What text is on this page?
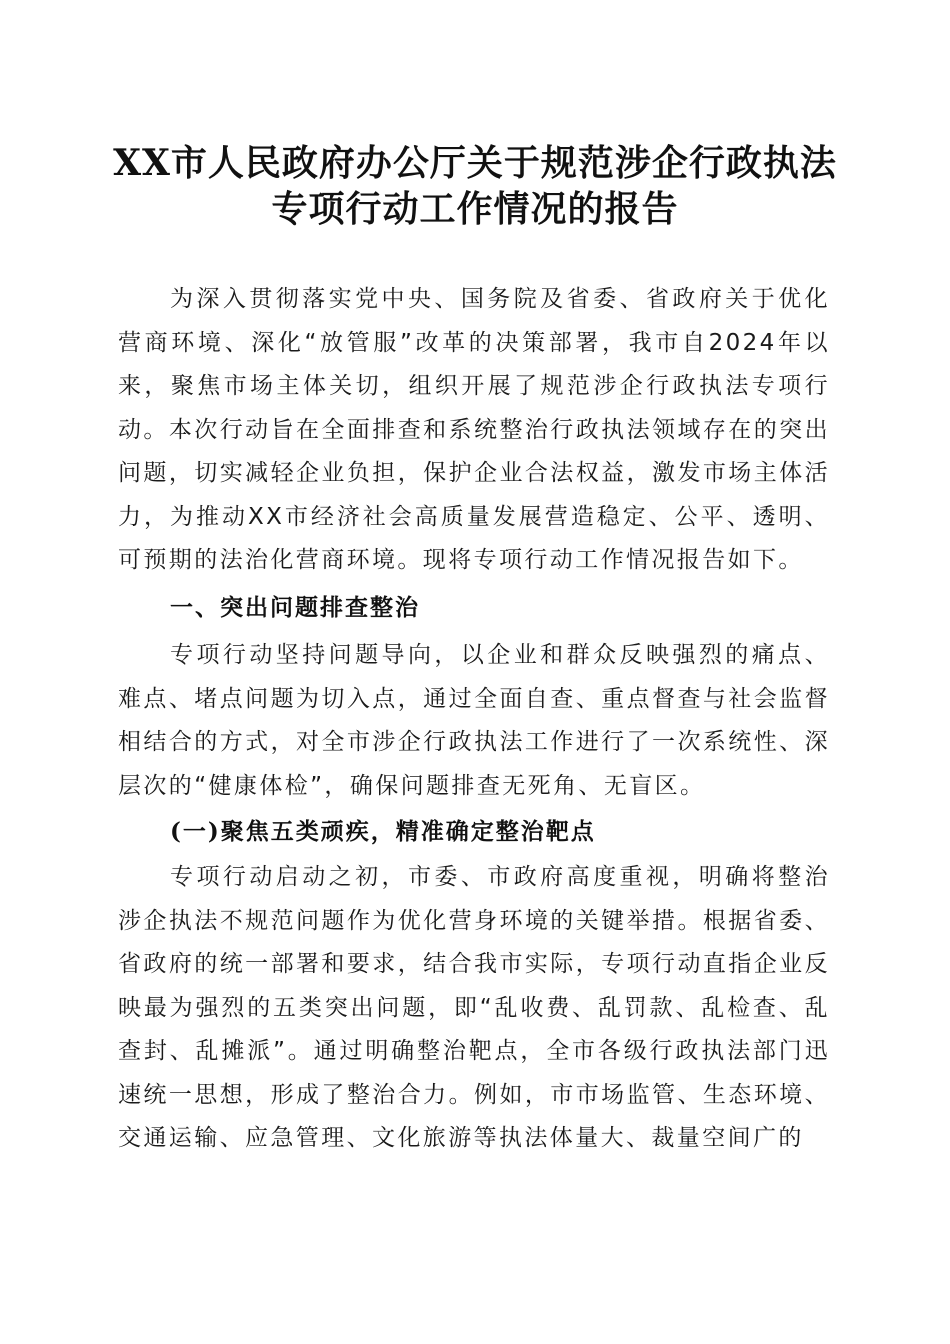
XX市人民政府办公厅关于规范涉企行政执法
专项行动工作情况的报告

为深入贯彻落实党中央、国务院及省委、省政府关于优化营商环境、深化“放管服”改革的决策部署，我市自2024年以来，聚焦市场主体关切，组织开展了规范涉企行政执法专项行动。本次行动旨在全面排查和系统整治行政执法领域存在的突出问题，切实减轻企业负担，保护企业合法权益，激发市场主体活力，为推动XX市经济社会高质量发展营造稳定、公平、透明、可预期的法治化营商环境。现将专项行动工作情况报告如下。

一、突出问题排查整治

专项行动坚持问题导向，以企业和群众反映强烈的痛点、难点、堵点问题为切入点，通过全面自查、重点督查与社会监督相结合的方式，对全市涉企行政执法工作进行了一次系统性、深层次的“健康体检”，确保问题排查无死角、无盲区。

(一)聚焦五类顽疾，精准确定整治靶点

专项行动启动之初，市委、市政府高度重视，明确将整治涉企执法不规范问题作为优化营身环境的关键举措。根据省委、省政府的统一部署和要求，结合我市实际，专项行动直指企业反映最为强烈的五类突出问题，即“乱收费、乱罚款、乱检查、乱查封、乱摊派”。通过明确整治靶点，全市各级行政执法部门迅速统一思想，形成了整治合力。例如，市市场监管、生态环境、交通运输、应急管理、文化旅游等执法体量大、裁量空间广的
